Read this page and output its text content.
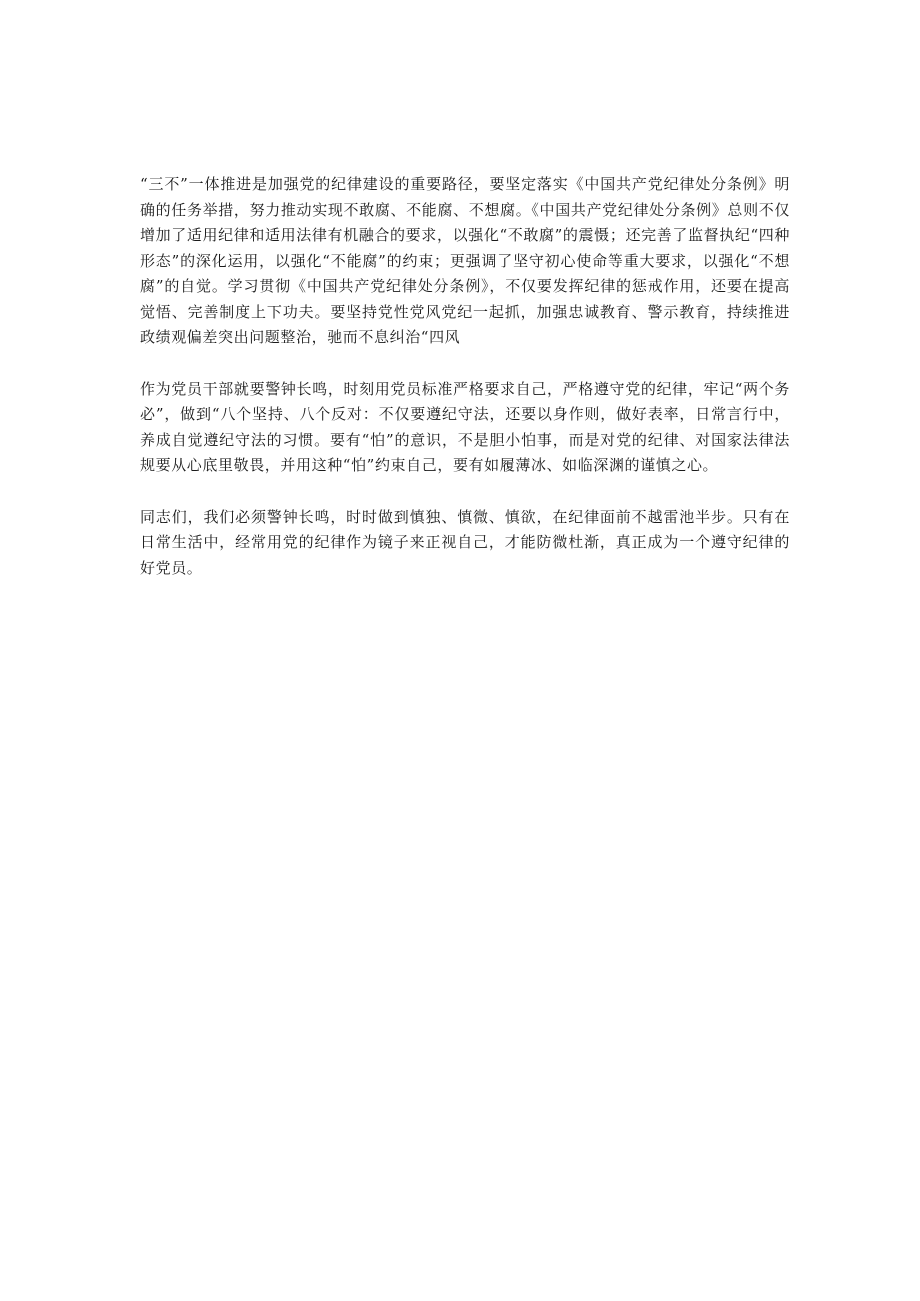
“三不”一体推进是加强党的纪律建设的重要路径，要坚定落实《中国共产党纪律处分条例》明确的任务举措，努力推动实现不敢腐、不能腐、不想腐。《中国共产党纪律处分条例》总则不仅增加了适用纪律和适用法律有机融合的要求，以强化“不敢腐”的震慑；还完善了监督执纪“四种形态”的深化运用，以强化“不能腐”的约束；更强调了坚守初心使命等重大要求，以强化“不想腐”的自觉。学习贯彻《中国共产党纪律处分条例》，不仅要发挥纪律的惩戒作用，还要在提高觉悟、完善制度上下功夫。要坚持党性党风党纪一起抓，加强忠诚教育、警示教育，持续推进政绩观偏差突出问题整治，驰而不息纠治“四风

作为党员干部就要警钟长鸣，时刻用党员标准严格要求自己，严格遵守党的纪律，牢记“两个务必”，做到“八个坚持、八个反对：不仅要遵纪守法，还要以身作则，做好表率，日常言行中，养成自觉遵纪守法的习惯。要有“怕”的意识，不是胆小怕事，而是对党的纪律、对国家法律法规要从心底里敬畏，并用这种“怕”约束自己，要有如履薄冰、如临深渊的谨慎之心。

同志们，我们必须警钟长鸣，时时做到慎独、慎微、慎欲，在纪律面前不越雷池半步。只有在日常生活中，经常用党的纪律作为镜子来正视自己，才能防微杜渐，真正成为一个遵守纪律的好党员。
